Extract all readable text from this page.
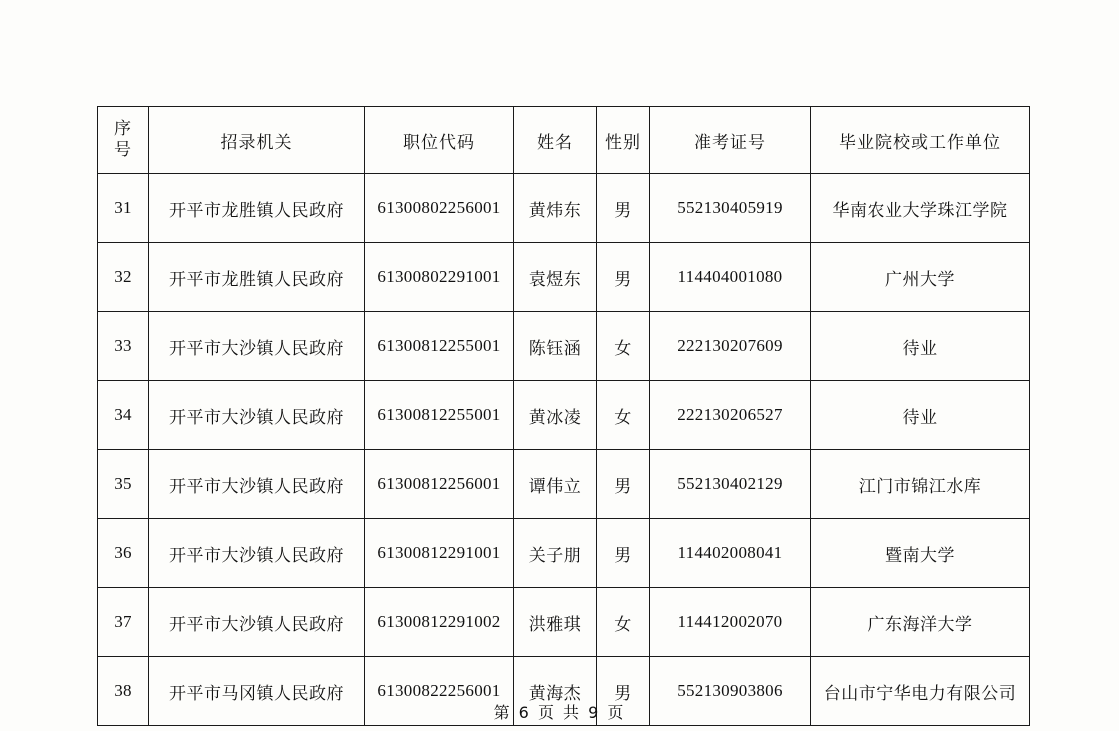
序
号	招录机关	职位代码	姓名	性别	准考证号	毕业院校或工作单位
31	开平市龙胜镇人民政府	61300802256001	黄炜东	男	552130405919	华南农业大学珠江学院
32	开平市龙胜镇人民政府	61300802291001	袁煜东	男	114404001080	广州大学
33	开平市大沙镇人民政府	61300812255001	陈钰涵	女	222130207609	待业
34	开平市大沙镇人民政府	61300812255001	黄冰凌	女	222130206527	待业
35	开平市大沙镇人民政府	61300812256001	谭伟立	男	552130402129	江门市锦江水库
36	开平市大沙镇人民政府	61300812291001	关子朋	男	114402008041	暨南大学
37	开平市大沙镇人民政府	61300812291002	洪雅琪	女	114412002070	广东海洋大学
38	开平市马冈镇人民政府	61300822256001	黄海杰	男	552130903806	台山市宁华电力有限公司
第 6 页 共 9 页
